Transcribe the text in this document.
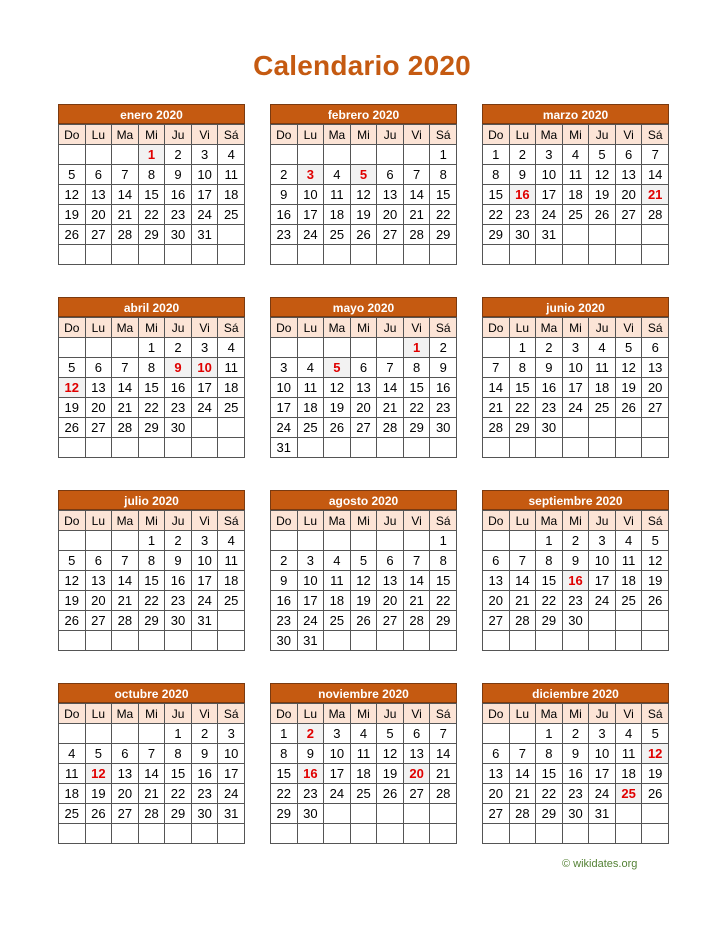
Calendario 2020
enero 2020
Do	Lu	Ma	Mi	Ju	Vi	Sá
			1	2	3	4
5	6	7	8	9	10	11
12	13	14	15	16	17	18
19	20	21	22	23	24	25
26	27	28	29	30	31	

febrero 2020
Do	Lu	Ma	Mi	Ju	Vi	Sá
						1
2	3	4	5	6	7	8
9	10	11	12	13	14	15
16	17	18	19	20	21	22
23	24	25	26	27	28	29

marzo 2020
Do	Lu	Ma	Mi	Ju	Vi	Sá
1	2	3	4	5	6	7
8	9	10	11	12	13	14
15	16	17	18	19	20	21
22	23	24	25	26	27	28
29	30	31				

abril 2020
Do	Lu	Ma	Mi	Ju	Vi	Sá
			1	2	3	4
5	6	7	8	9	10	11
12	13	14	15	16	17	18
19	20	21	22	23	24	25
26	27	28	29	30		

mayo 2020
Do	Lu	Ma	Mi	Ju	Vi	Sá
					1	2
3	4	5	6	7	8	9
10	11	12	13	14	15	16
17	18	19	20	21	22	23
24	25	26	27	28	29	30
31						
junio 2020
Do	Lu	Ma	Mi	Ju	Vi	Sá
	1	2	3	4	5	6
7	8	9	10	11	12	13
14	15	16	17	18	19	20
21	22	23	24	25	26	27
28	29	30				

julio 2020
Do	Lu	Ma	Mi	Ju	Vi	Sá
			1	2	3	4
5	6	7	8	9	10	11
12	13	14	15	16	17	18
19	20	21	22	23	24	25
26	27	28	29	30	31	

agosto 2020
Do	Lu	Ma	Mi	Ju	Vi	Sá
						1
2	3	4	5	6	7	8
9	10	11	12	13	14	15
16	17	18	19	20	21	22
23	24	25	26	27	28	29
30	31					
septiembre 2020
Do	Lu	Ma	Mi	Ju	Vi	Sá
		1	2	3	4	5
6	7	8	9	10	11	12
13	14	15	16	17	18	19
20	21	22	23	24	25	26
27	28	29	30			

octubre 2020
Do	Lu	Ma	Mi	Ju	Vi	Sá
				1	2	3
4	5	6	7	8	9	10
11	12	13	14	15	16	17
18	19	20	21	22	23	24
25	26	27	28	29	30	31

noviembre 2020
Do	Lu	Ma	Mi	Ju	Vi	Sá
1	2	3	4	5	6	7
8	9	10	11	12	13	14
15	16	17	18	19	20	21
22	23	24	25	26	27	28
29	30					

diciembre 2020
Do	Lu	Ma	Mi	Ju	Vi	Sá
		1	2	3	4	5
6	7	8	9	10	11	12
13	14	15	16	17	18	19
20	21	22	23	24	25	26
27	28	29	30	31		

© wikidates.org
